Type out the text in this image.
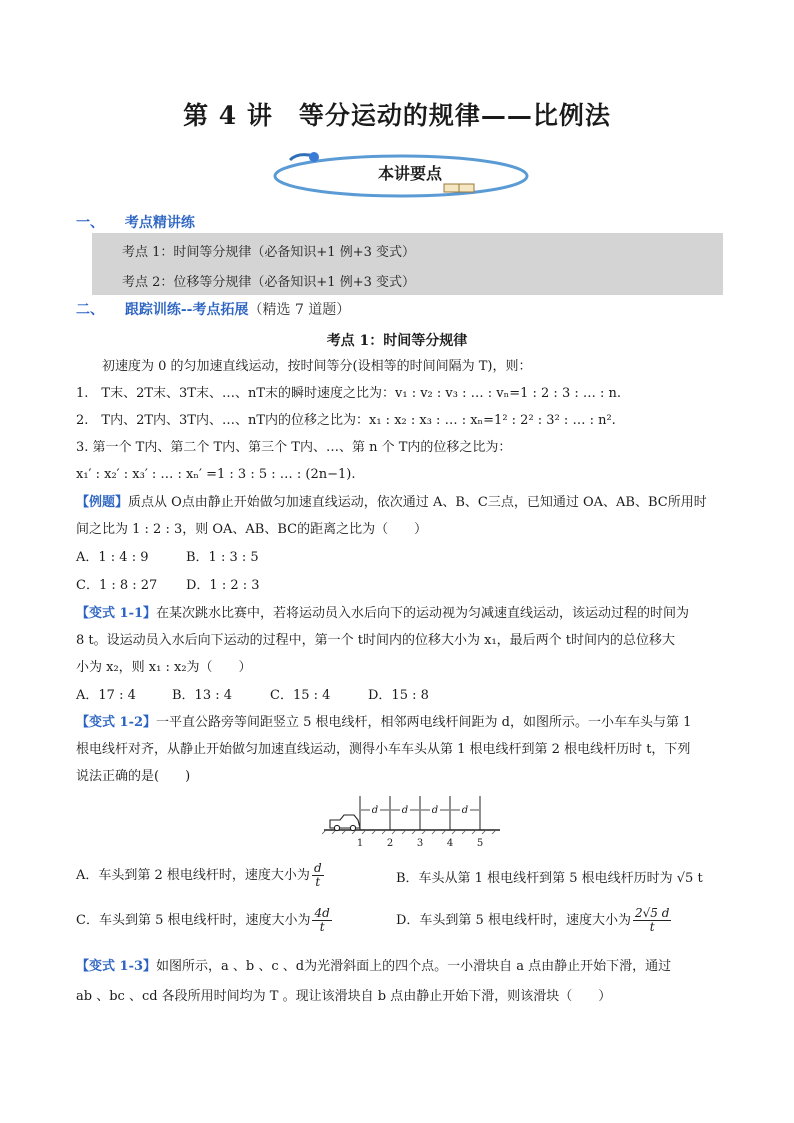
第 4 讲　等分运动的规律——比例法
本讲要点
一、 考点精讲练
考点 1：时间等分规律（必备知识+1 例+3 变式）
考点 2：位移等分规律（必备知识+1 例+3 变式）
二、 跟踪训练--考点拓展（精选 7 道题）
考点 1：时间等分规律
初速度为 0 的匀加速直线运动，按时间等分(设相等的时间间隔为 T)，则：
1.　T末、2T末、3T末、…、nT末的瞬时速度之比为：v₁ : v₂ : v₃ : … : vₙ=1 : 2 : 3 : … : n.
2.　T内、2T内、3T内、…、nT内的位移之比为：x₁ : x₂ : x₃ : … : xₙ=1² : 2² : 3² : … : n².
3. 第一个 T内、第二个 T内、第三个 T内、…、第 n 个 T内的位移之比为：
x₁′ : x₂′ : x₃′ : … : xₙ′ =1 : 3 : 5 : … : (2n−1).
【例题】质点从 O点由静止开始做匀加速直线运动，依次通过 A、B、C三点，已知通过 OA、AB、BC所用时
间之比为 1 : 2 : 3，则 OA、AB、BC的距离之比为（　　）
A．1 : 4 : 9	B．1 : 3 : 5
C．1 : 8 : 27	D．1 : 2 : 3
【变式 1-1】在某次跳水比赛中，若将运动员入水后向下的运动视为匀减速直线运动，该运动过程的时间为
8 t。设运动员入水后向下运动的过程中，第一个 t时间内的位移大小为 x₁，最后两个 t时间内的总位移大
小为 x₂，则 x₁ : x₂为（　　）
A．17 : 4	B．13 : 4	C．15 : 4	D．15 : 8
【变式 1-2】一平直公路旁等间距竖立 5 根电线杆，相邻两电线杆间距为 d，如图所示。一小车车头与第 1
根电线杆对齐，从静止开始做匀加速直线运动，测得小车车头从第 1 根电线杆到第 2 根电线杆历时 t，下列
说法正确的是(　　)
d d d d
1 2 3 4 5
A．车头到第 2 根电线杆时，速度大小为 $\frac{d}{t}$	B．车头从第 1 根电线杆到第 5 根电线杆历时为 √5 t
C．车头到第 5 根电线杆时，速度大小为 $\frac{4d}{t}$	D．车头到第 5 根电线杆时，速度大小为 $\frac{2√5 d}{t}$
【变式 1-3】如图所示，a 、b 、c 、d为光滑斜面上的四个点。一小滑块自 a 点由静止开始下滑，通过
ab 、bc 、cd 各段所用时间均为 T 。现让该滑块自 b 点由静止开始下滑，则该滑块（　　）
